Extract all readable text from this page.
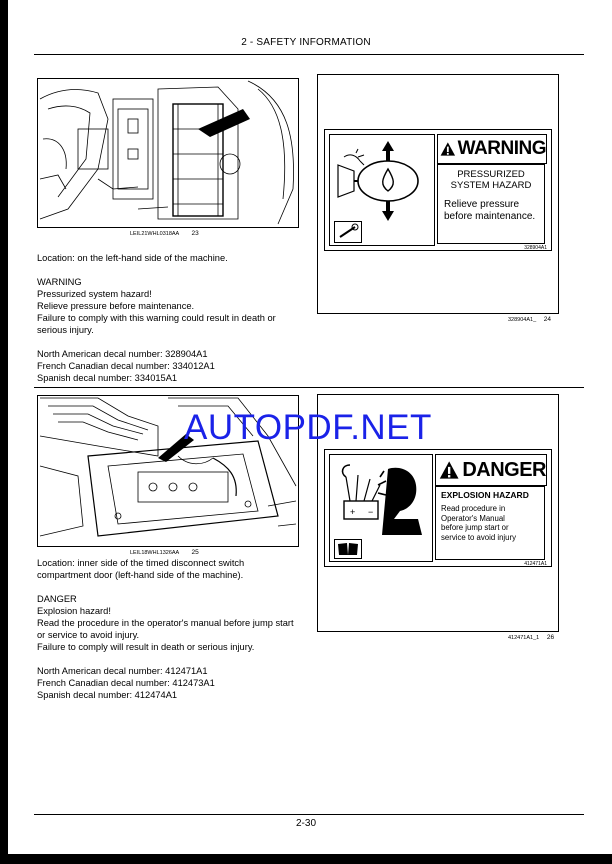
2 - SAFETY INFORMATION
LEIL21WHL0318AA 23

Location: on the left-hand side of the machine.

WARNING

Pressurized system hazard!

Relieve pressure before maintenance.

Failure to comply with this warning could result in death or serious injury.

North American decal number: 328904A1

French Canadian decal number: 334012A1

Spanish decal number: 334015A1

WARNING
PRESSURIZED SYSTEM HAZARD
Relieve pressure before maintenance.
328904A1
328904A1_ 24
LEIL18WHL1326AA 25

Location: inner side of the timed disconnect switch compartment door (left-hand side of the machine).

DANGER

Explosion hazard!

Read the procedure in the operator's manual before jump start or service to avoid injury.

Failure to comply will result in death or serious injury.

North American decal number: 412471A1

French Canadian decal number: 412473A1

Spanish decal number: 412474A1

+ −
DANGER
EXPLOSION HAZARD
Read procedure in Operator's Manual before jump start or service to avoid injury
412471A1
412471A1_1 26
AUTOPDF.NET
2-30
